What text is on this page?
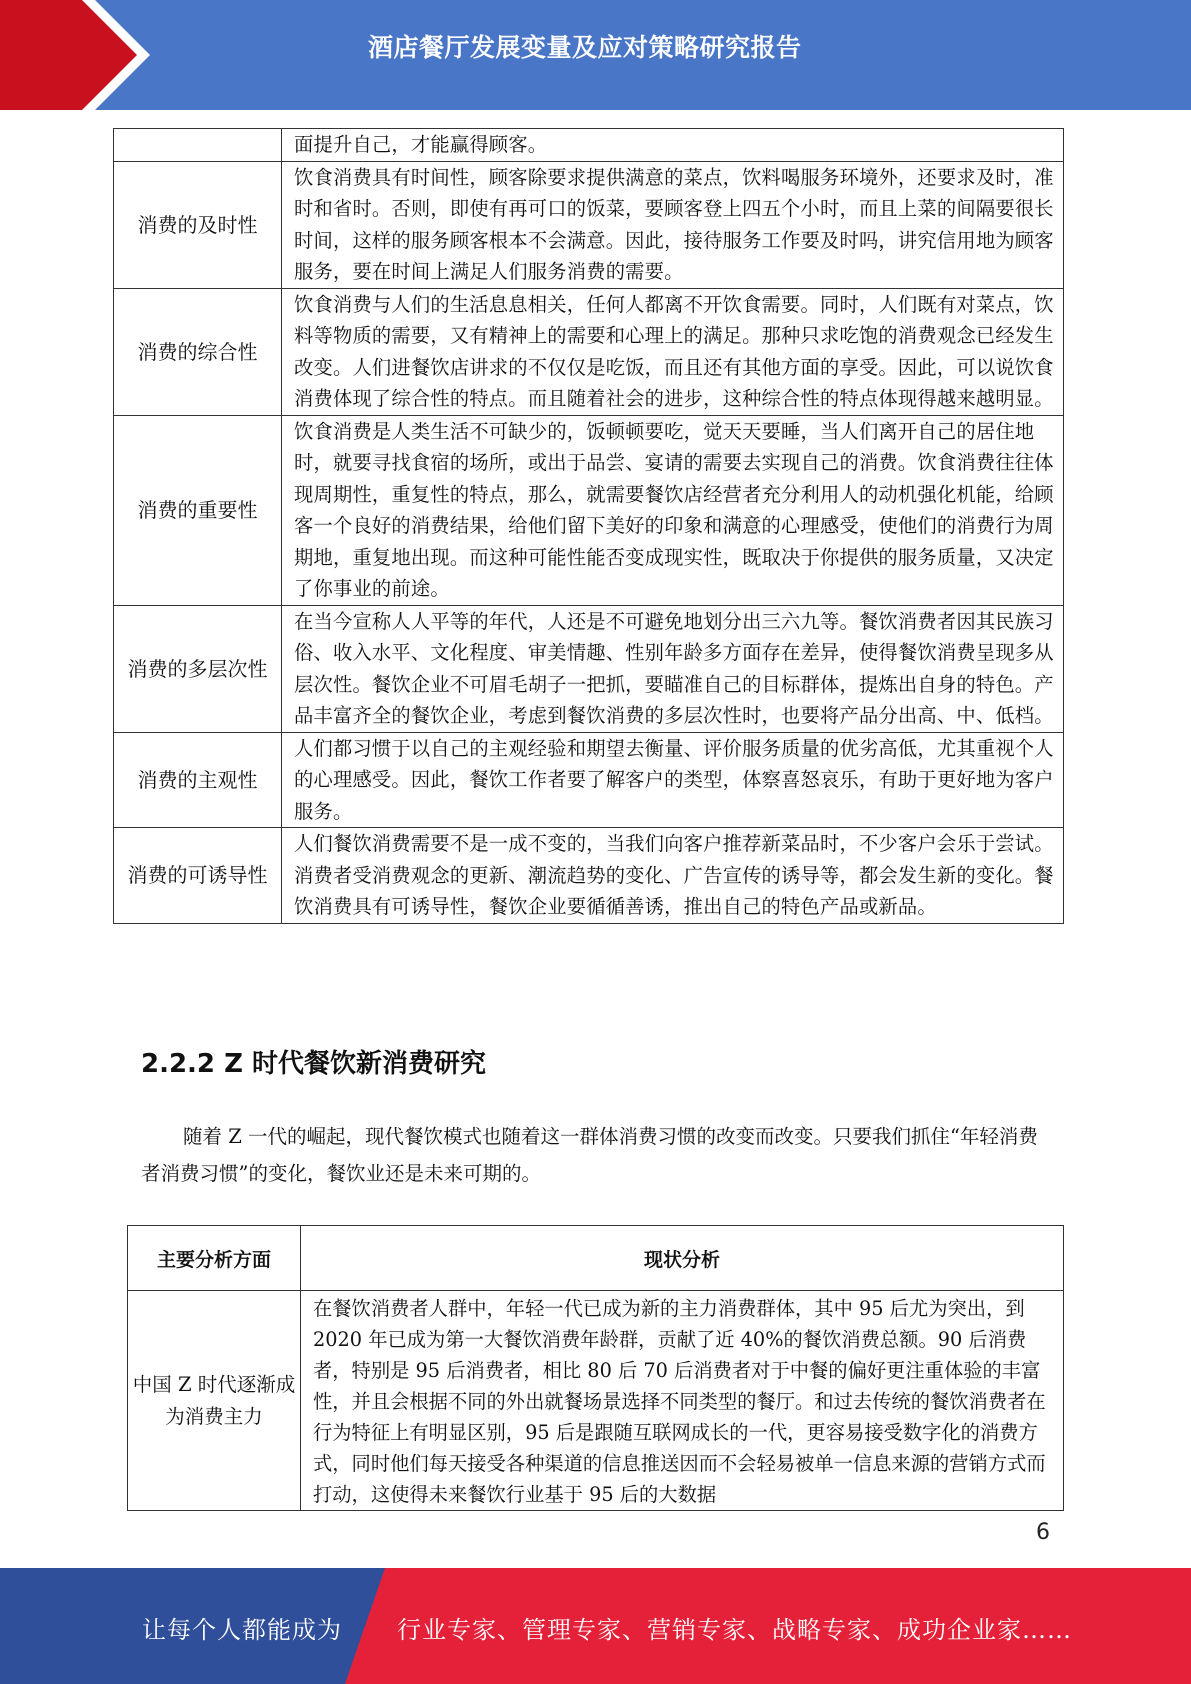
酒店餐厅发展变量及应对策略研究报告
	面提升自己，才能赢得顾客。
消费的及时性	饮食消费具有时间性，顾客除要求提供满意的菜点，饮料喝服务环境外，还要求及时，准时和省时。否则，即使有再可口的饭菜，要顾客登上四五个小时，而且上菜的间隔要很长时间，这样的服务顾客根本不会满意。因此，接待服务工作要及时吗，讲究信用地为顾客服务，要在时间上满足人们服务消费的需要。
消费的综合性	饮食消费与人们的生活息息相关，任何人都离不开饮食需要。同时，人们既有对菜点，饮料等物质的需要，又有精神上的需要和心理上的满足。那种只求吃饱的消费观念已经发生改变。人们进餐饮店讲求的不仅仅是吃饭，而且还有其他方面的享受。因此，可以说饮食消费体现了综合性的特点。而且随着社会的进步，这种综合性的特点体现得越来越明显。
消费的重要性	饮食消费是人类生活不可缺少的，饭顿顿要吃，觉天天要睡，当人们离开自己的居住地时，就要寻找食宿的场所，或出于品尝、宴请的需要去实现自己的消费。饮食消费往往体现周期性，重复性的特点，那么，就需要餐饮店经营者充分利用人的动机强化机能，给顾客一个良好的消费结果，给他们留下美好的印象和满意的心理感受，使他们的消费行为周期地，重复地出现。而这种可能性能否变成现实性，既取决于你提供的服务质量，又决定了你事业的前途。
消费的多层次性	在当今宣称人人平等的年代，人还是不可避免地划分出三六九等。餐饮消费者因其民族习俗、收入水平、文化程度、审美情趣、性别年龄多方面存在差异，使得餐饮消费呈现多从层次性。餐饮企业不可眉毛胡子一把抓，要瞄准自己的目标群体，提炼出自身的特色。产品丰富齐全的餐饮企业，考虑到餐饮消费的多层次性时，也要将产品分出高、中、低档。
消费的主观性	人们都习惯于以自己的主观经验和期望去衡量、评价服务质量的优劣高低，尤其重视个人的心理感受。因此，餐饮工作者要了解客户的类型，体察喜怒哀乐，有助于更好地为客户服务。
消费的可诱导性	人们餐饮消费需要不是一成不变的，当我们向客户推荐新菜品时，不少客户会乐于尝试。消费者受消费观念的更新、潮流趋势的变化、广告宣传的诱导等，都会发生新的变化。餐饮消费具有可诱导性，餐饮企业要循循善诱，推出自己的特色产品或新品。
2.2.2 Z 时代餐饮新消费研究
随着 Z 一代的崛起，现代餐饮模式也随着这一群体消费习惯的改变而改变。只要我们抓住“年轻消费者消费习惯”的变化，餐饮业还是未来可期的。
主要分析方面	现状分析
中国 Z 时代逐渐成为消费主力	在餐饮消费者人群中，年轻一代已成为新的主力消费群体，其中 95 后尤为突出，到 2020 年已成为第一大餐饮消费年龄群，贡献了近 40%的餐饮消费总额。90 后消费者，特别是 95 后消费者，相比 80 后 70 后消费者对于中餐的偏好更注重体验的丰富性，并且会根据不同的外出就餐场景选择不同类型的餐厅。和过去传统的餐饮消费者在行为特征上有明显区别，95 后是跟随互联网成长的一代，更容易接受数字化的消费方式，同时他们每天接受各种渠道的信息推送因而不会轻易被单一信息来源的营销方式而打动，这使得未来餐饮行业基于 95 后的大数据
6
让每个人都能成为 行业专家、管理专家、营销专家、战略专家、成功企业家……
